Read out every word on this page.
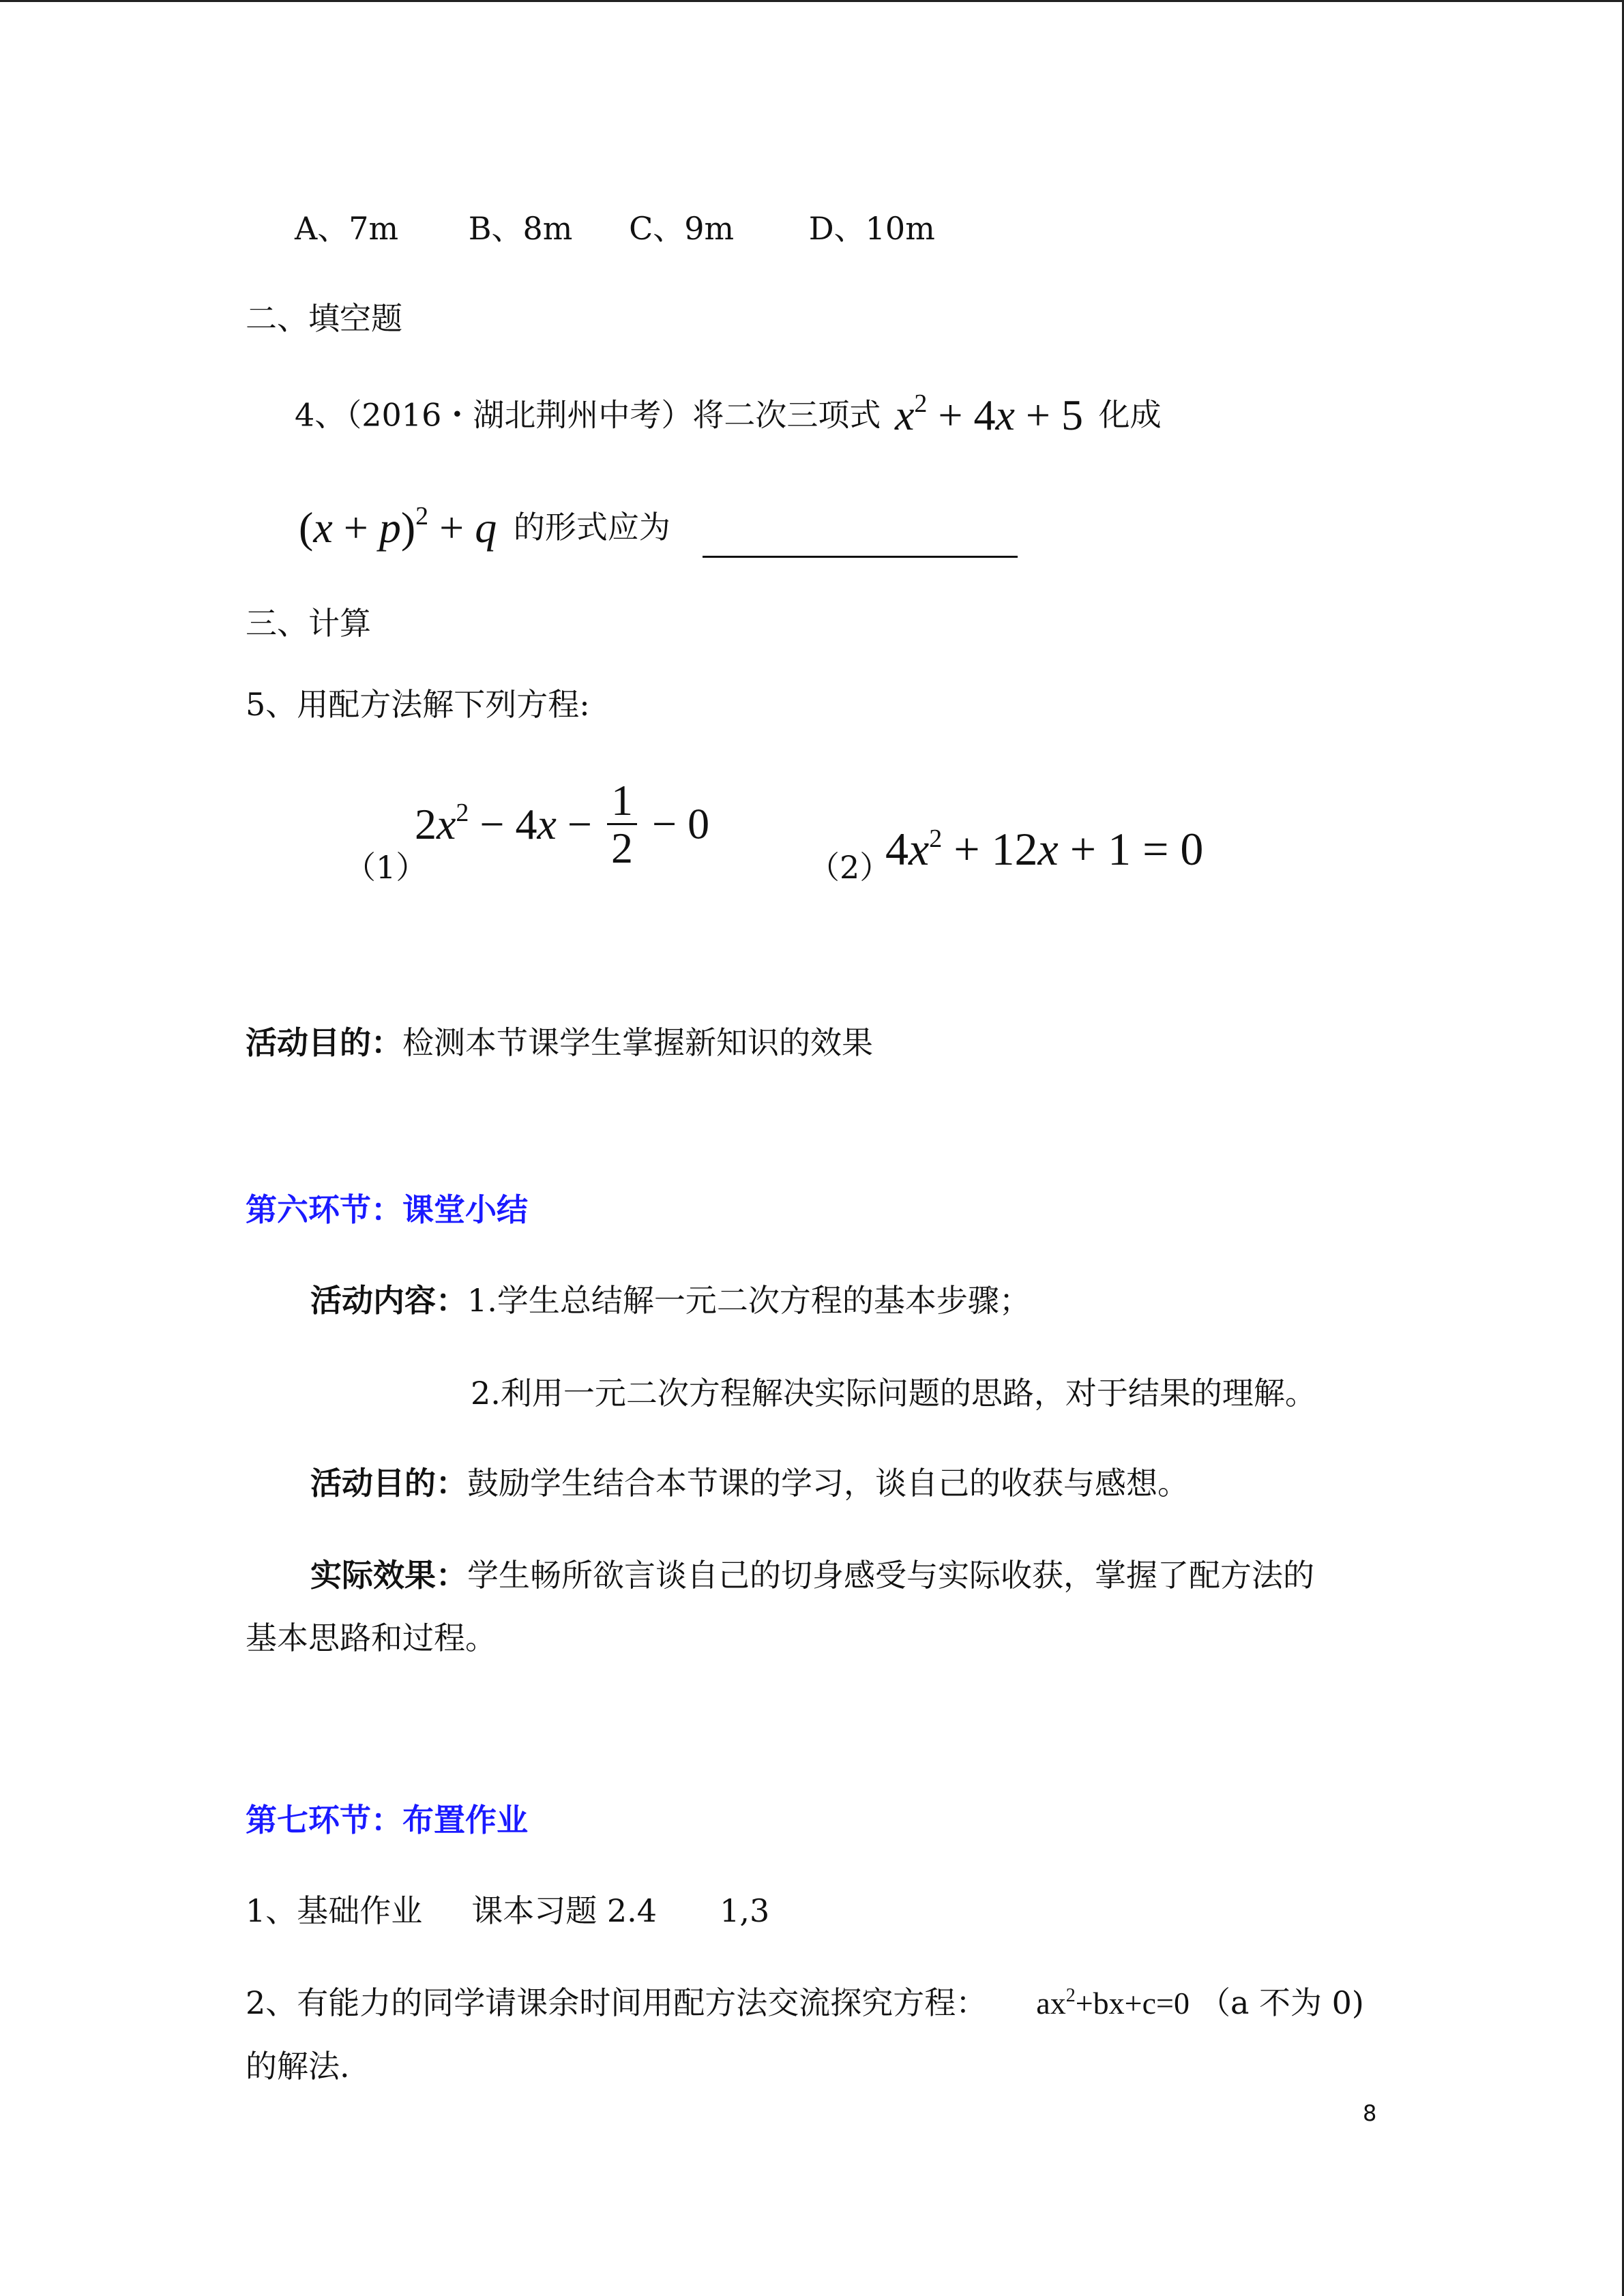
A、7m B、8m C、9m D、10m
二、填空题
4、（2016・湖北荆州中考）将二次三项式 $x^2 + 4x + 5$ 化成
$(x + p)^2 + q$ 的形式应为
三、计算
5、用配方法解下列方程:
（1）
$2x^2 - 4x - \frac{1}{2} - 0$
（2）
$4x^2 + 12x + 1 = 0$
活动目的：检测本节课学生掌握新知识的效果
第六环节：课堂小结
活动内容：1.学生总结解一元二次方程的基本步骤；
2.利用一元二次方程解决实际问题的思路，对于结果的理解。
活动目的：鼓励学生结合本节课的学习，谈自己的收获与感想。
实际效果：学生畅所欲言谈自己的切身感受与实际收获，掌握了配方法的
基本思路和过程。
第七环节：布置作业
1、基础作业 课本习题 2.4 1,3
2、有能力的同学请课余时间用配方法交流探究方程： $ax^2+bx+c=0$ （a 不为 0)
的解法.
8
